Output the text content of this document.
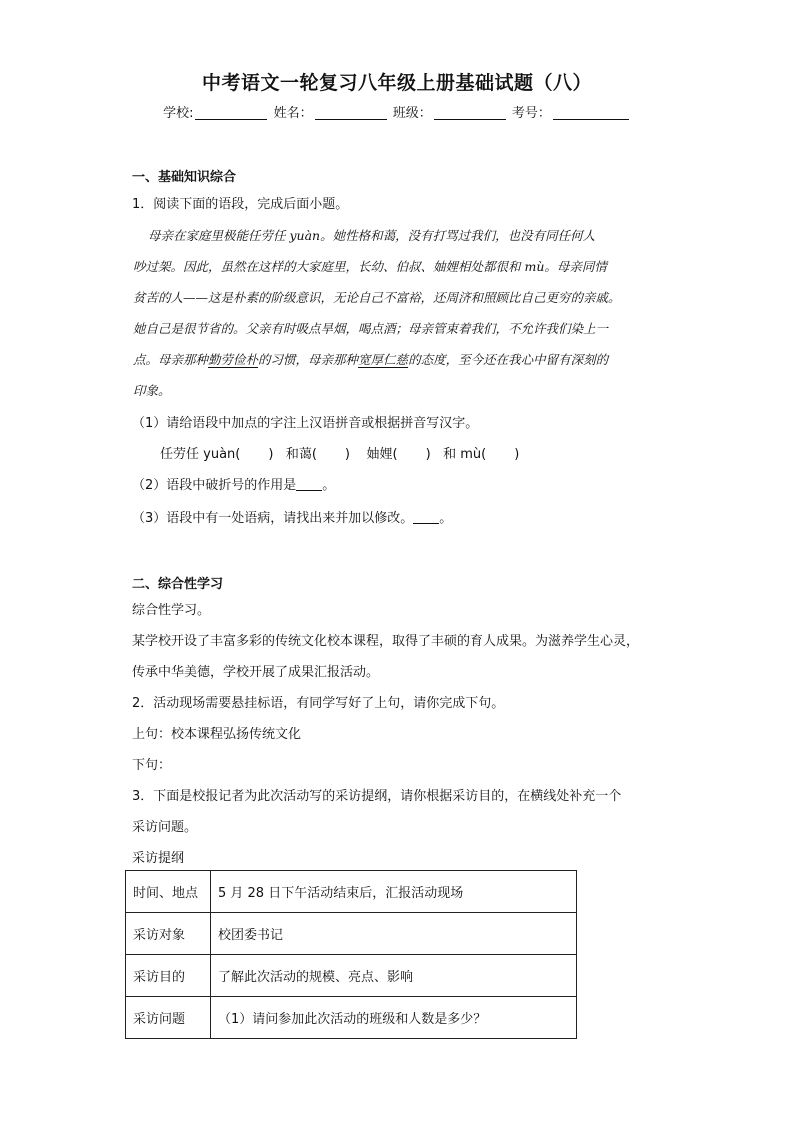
中考语文一轮复习八年级上册基础试题（八）
学校:	姓名：	班级：	考号：
一、基础知识综合
1．阅读下面的语段，完成后面小题。
母亲在家庭里极能任劳任 yuàn。她性格和蔼，没有打骂过我们，也没有同任何人
吵过架。因此，虽然在这样的大家庭里，长幼、伯叔、妯娌相处都很和 mù。母亲同情
贫苦的人——这是朴素的阶级意识，无论自己不富裕，还周济和照顾比自己更穷的亲戚。
她自己是很节省的。父亲有时吸点旱烟，喝点酒；母亲管束着我们，不允许我们染上一
点。母亲那种勤劳俭朴的习惯，母亲那种宽厚仁慈的态度，至今还在我心中留有深刻的
印象。
（1）请给语段中加点的字注上汉语拼音或根据拼音写汉字。
任劳任 yuàn( ) 和蔼( ) 妯娌( ) 和 mù( )
（2）语段中破折号的作用是 。
（3）语段中有一处语病，请找出来并加以修改。 。
二、综合性学习
综合性学习。
某学校开设了丰富多彩的传统文化校本课程，取得了丰硕的育人成果。为滋养学生心灵，
传承中华美德，学校开展了成果汇报活动。
2．活动现场需要悬挂标语，有同学写好了上句，请你完成下句。
上句：校本课程弘扬传统文化
下句：
3．下面是校报记者为此次活动写的采访提纲，请你根据采访目的，在横线处补充一个
采访问题。
采访提纲
时间、地点	5 月 28 日下午活动结束后，汇报活动现场
采访对象	校团委书记
采访目的	了解此次活动的规模、亮点、影响
采访问题	（1）请问参加此次活动的班级和人数是多少？
